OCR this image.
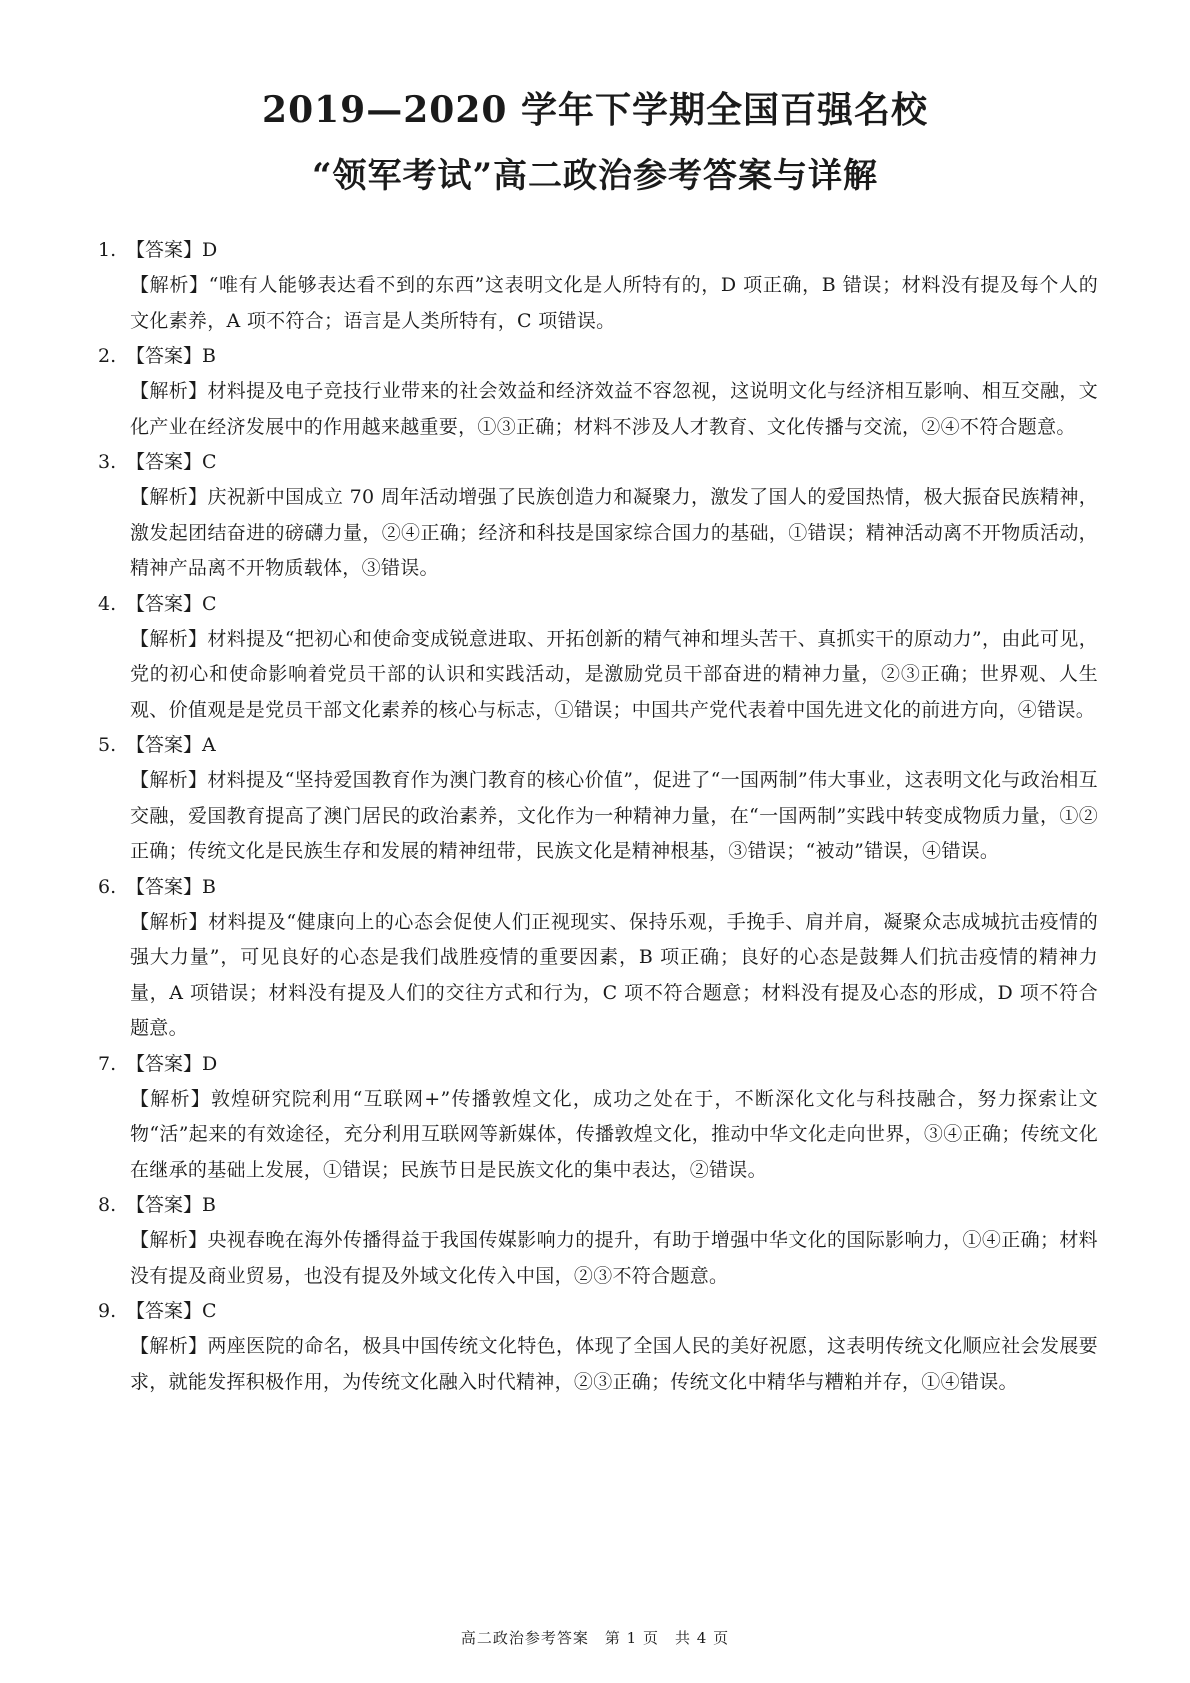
2019—2020 学年下学期全国百强名校
“领军考试”高二政治参考答案与详解
1. 【答案】D
【解析】“唯有人能够表达看不到的东西”这表明文化是人所特有的，D 项正确，B 错误；材料没有提及每个人的文化素养，A 项不符合；语言是人类所特有，C 项错误。
2. 【答案】B
【解析】材料提及电子竞技行业带来的社会效益和经济效益不容忽视，这说明文化与经济相互影响、相互交融，文化产业在经济发展中的作用越来越重要，①③正确；材料不涉及人才教育、文化传播与交流，②④不符合题意。
3. 【答案】C
【解析】庆祝新中国成立 70 周年活动增强了民族创造力和凝聚力，激发了国人的爱国热情，极大振奋民族精神，激发起团结奋进的磅礴力量，②④正确；经济和科技是国家综合国力的基础，①错误；精神活动离不开物质活动，精神产品离不开物质载体，③错误。
4. 【答案】C
【解析】材料提及“把初心和使命变成锐意进取、开拓创新的精气神和埋头苦干、真抓实干的原动力”，由此可见，党的初心和使命影响着党员干部的认识和实践活动，是激励党员干部奋进的精神力量，②③正确；世界观、人生观、价值观是是党员干部文化素养的核心与标志，①错误；中国共产党代表着中国先进文化的前进方向，④错误。
5. 【答案】A
【解析】材料提及“坚持爱国教育作为澳门教育的核心价值”，促进了“一国两制”伟大事业，这表明文化与政治相互交融，爱国教育提高了澳门居民的政治素养，文化作为一种精神力量，在“一国两制”实践中转变成物质力量，①②正确；传统文化是民族生存和发展的精神纽带，民族文化是精神根基，③错误；“被动”错误，④错误。
6. 【答案】B
【解析】材料提及“健康向上的心态会促使人们正视现实、保持乐观，手挽手、肩并肩，凝聚众志成城抗击疫情的强大力量”，可见良好的心态是我们战胜疫情的重要因素，B 项正确；良好的心态是鼓舞人们抗击疫情的精神力量，A 项错误；材料没有提及人们的交往方式和行为，C 项不符合题意；材料没有提及心态的形成，D 项不符合题意。
7. 【答案】D
【解析】敦煌研究院利用“互联网+”传播敦煌文化，成功之处在于，不断深化文化与科技融合，努力探索让文物“活”起来的有效途径，充分利用互联网等新媒体，传播敦煌文化，推动中华文化走向世界，③④正确；传统文化在继承的基础上发展，①错误；民族节日是民族文化的集中表达，②错误。
8. 【答案】B
【解析】央视春晚在海外传播得益于我国传媒影响力的提升，有助于增强中华文化的国际影响力，①④正确；材料没有提及商业贸易，也没有提及外域文化传入中国，②③不符合题意。
9. 【答案】C
【解析】两座医院的命名，极具中国传统文化特色，体现了全国人民的美好祝愿，这表明传统文化顺应社会发展要求，就能发挥积极作用，为传统文化融入时代精神，②③正确；传统文化中精华与糟粕并存，①④错误。
高二政治参考答案　第 1 页　共 4 页
